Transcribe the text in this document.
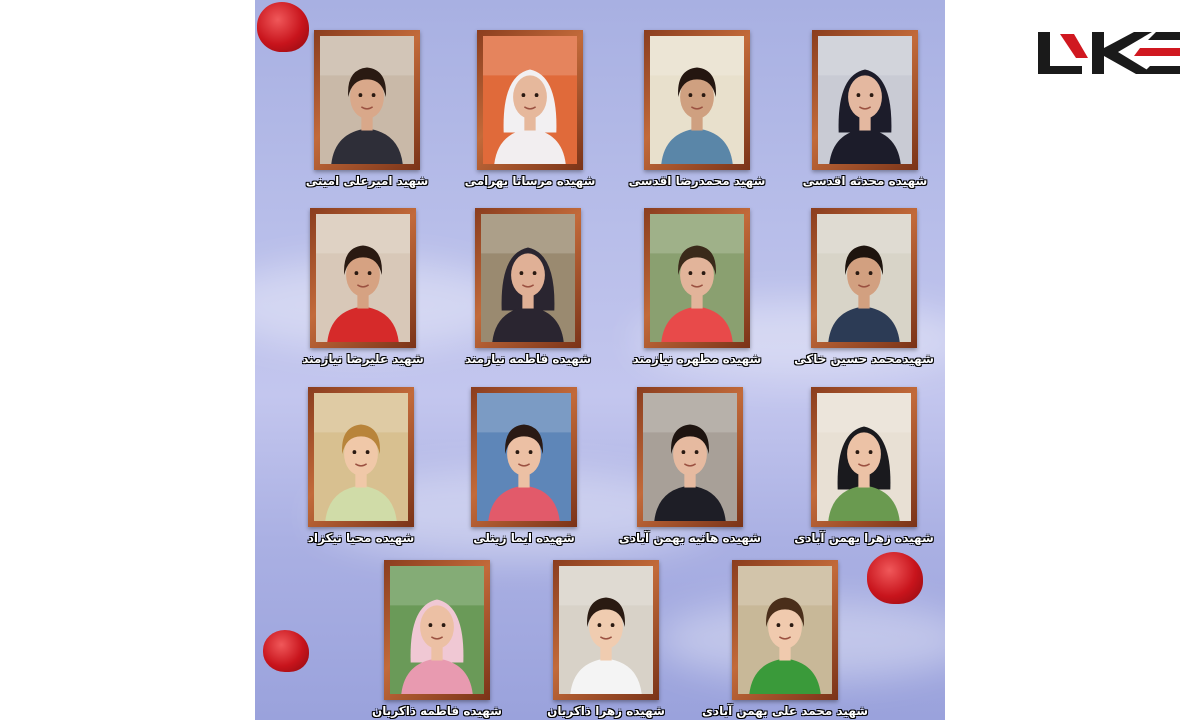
شهید امیرعلی امینی	شهیده مرسانا بهرامی	شهید محمدرضا اقدسی	شهیده محدثه اقدسی
شهید علیرضا نیازمند	شهیده فاطمه نیازمند	شهیده مطهره نیازمند	شهیدمحمد حسین خاکی
شهیده محیا نیکزاد	شهیده ایما زینلی	شهیده هانیه بهمن آبادی	شهیده زهرا بهمن آبادی
شهیده فاطمه ذاکریان	شهیده زهرا ذاکریان	شهید محمد علی بهمن آبادی
رکنا
